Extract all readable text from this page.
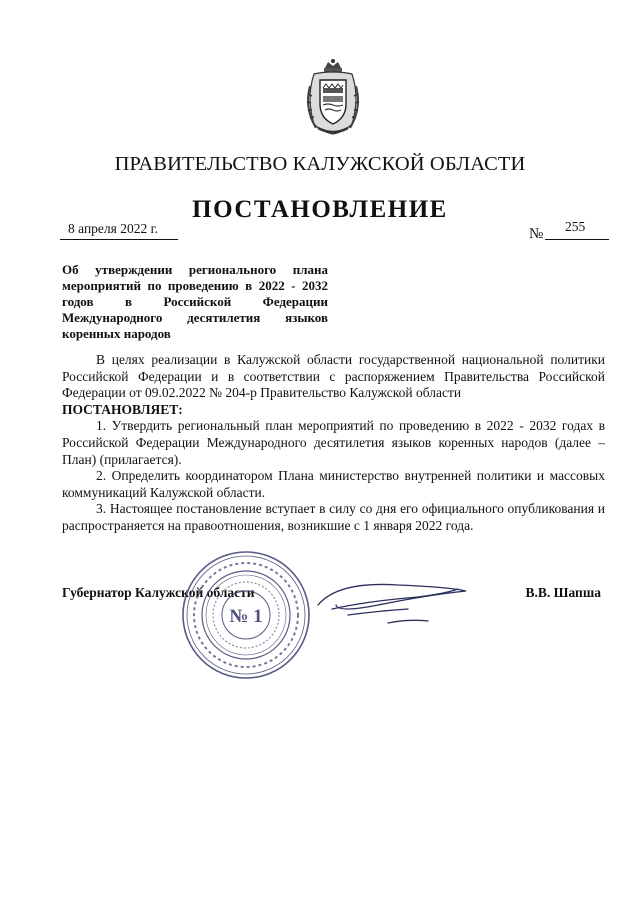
ПРАВИТЕЛЬСТВО КАЛУЖСКОЙ ОБЛАСТИ
ПОСТАНОВЛЕНИЕ
8 апреля 2022 г.	№ 255
Об утверждении регионального плана
мероприятий по проведению в 2022 - 2032
годов в Российской Федерации
Международного десятилетия языков
коренных народов

В целях реализации в Калужской области государственной национальной политики Российской Федерации и в соответствии с распоряжением Правительства Российской Федерации от 09.02.2022 № 204-р Правительство Калужской области

ПОСТАНОВЛЯЕТ:

1. Утвердить региональный план мероприятий по проведению в 2022 - 2032 годах в Российской Федерации Международного десятилетия языков коренных народов (далее – План) (прилагается).

2. Определить координатором Плана министерство внутренней политики и массовых коммуникаций Калужской области.

3. Настоящее постановление вступает в силу со дня его официального опубликования и распространяется на правоотношения, возникшие с 1 января 2022 года.

Губернатор Калужской области	В.В. Шапша
№ 1
